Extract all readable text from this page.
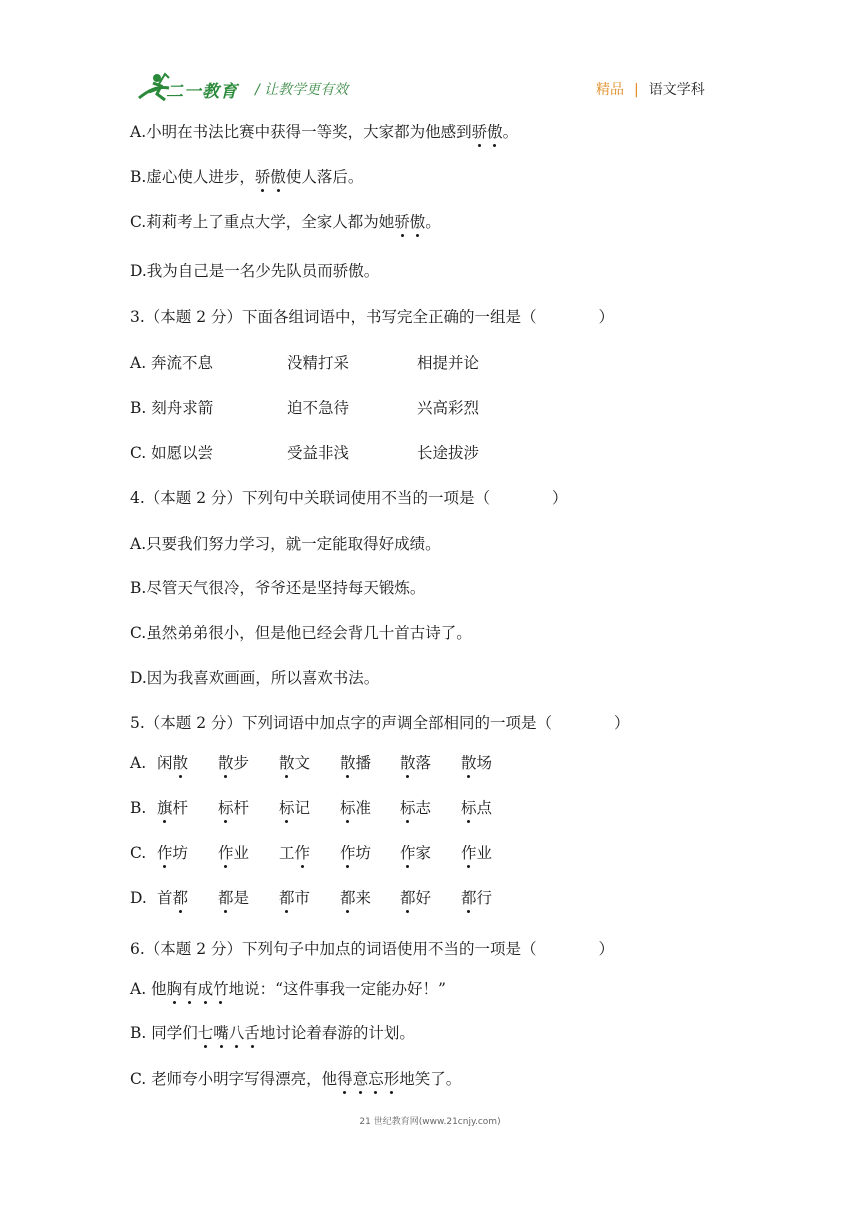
二一教育 / 让教学更有效	精品 | 语文学科
A.小明在书法比赛中获得一等奖，大家都为他感到骄傲。
B.虚心使人进步，骄傲使人落后。
C.莉莉考上了重点大学，全家人都为她骄傲。
D.我为自己是一名少先队员而骄傲。
3.（本题 2 分）下面各组词语中，书写完全正确的一组是（　　　　）
A. 奔流不息	没精打采	相提并论
B. 刻舟求箭	迫不急待	兴高彩烈
C. 如愿以尝	受益非浅	长途拔涉
4.（本题 2 分）下列句中关联词使用不当的一项是（　　　　）
A.只要我们努力学习，就一定能取得好成绩。
B.尽管天气很冷，爷爷还是坚持每天锻炼。
C.虽然弟弟很小，但是他已经会背几十首古诗了。
D.因为我喜欢画画，所以喜欢书法。
5.（本题 2 分）下列词语中加点字的声调全部相同的一项是（　　　　）
A. 闲散 散步 散文 散播 散落 散场
B. 旗杆 标杆 标记 标准 标志 标点
C. 作坊 作业 工作 作坊 作家 作业
D. 首都 都是 都市 都来 都好 都行
6.（本题 2 分）下列句子中加点的词语使用不当的一项是（　　　　）
A. 他胸有成竹地说：“这件事我一定能办好！”
B. 同学们七嘴八舌地讨论着春游的计划。
C. 老师夸小明字写得漂亮，他得意忘形地笑了。
21 世纪教育网(www.21cnjy.com)
